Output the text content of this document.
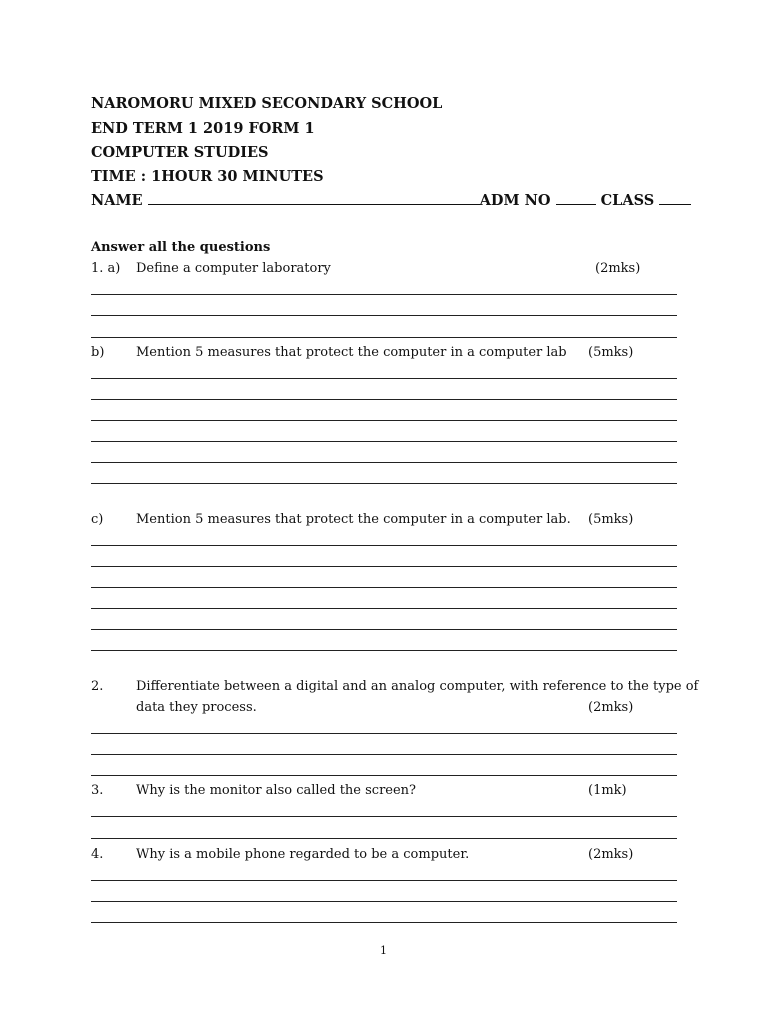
NAROMORU MIXED SECONDARY SCHOOL
END TERM 1 2019 FORM 1
COMPUTER STUDIES
TIME : 1HOUR 30 MINUTES
NAME	ADM NO	CLASS
Answer all the questions
1. a) Define a computer laboratory	(2mks)
b) Mention 5 measures that protect the computer in a computer lab (5mks)
c)	Mention 5 measures that protect the computer in a computer lab. (5mks)
2.	Differentiate between a digital and an analog computer, with reference to the type of
data they process.	(2mks)
3.	Why is the monitor also called the screen?	(1mk)
4.	Why is a mobile phone regarded to be a computer.	(2mks)
1
